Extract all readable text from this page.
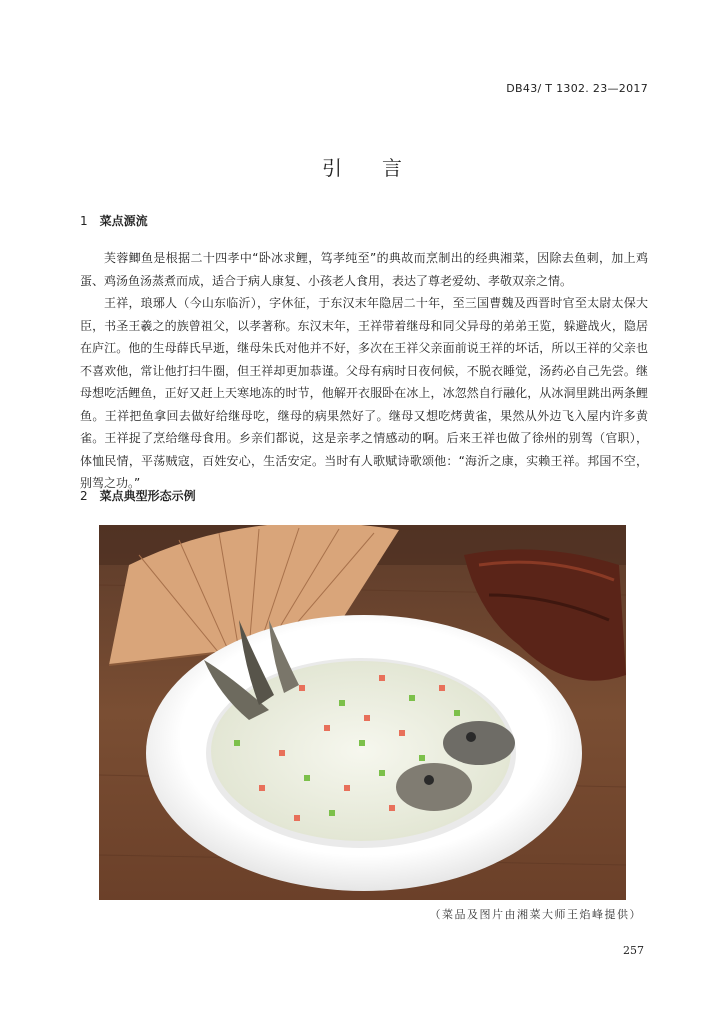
DB43/ T 1302. 23—2017
引言
1 菜点源流

芙蓉鲫鱼是根据二十四孝中“卧冰求鲤，笃孝纯至”的典故而烹制出的经典湘菜，因除去鱼刺，加上鸡蛋、鸡汤鱼汤蒸煮而成，适合于病人康复、小孩老人食用，表达了尊老爱幼、孝敬双亲之情。

王祥，琅琊人（今山东临沂），字休征，于东汉末年隐居二十年，至三国曹魏及西晋时官至太尉太保大臣，书圣王羲之的族曾祖父，以孝著称。东汉末年，王祥带着继母和同父异母的弟弟王览，躲避战火，隐居在庐江。他的生母薛氏早逝，继母朱氏对他并不好，多次在王祥父亲面前说王祥的坏话，所以王祥的父亲也不喜欢他，常让他打扫牛圈，但王祥却更加恭谨。父母有病时日夜伺候，不脱衣睡觉，汤药必自己先尝。继母想吃活鲤鱼，正好又赶上天寒地冻的时节，他解开衣服卧在冰上，冰忽然自行融化，从冰洞里跳出两条鲤鱼。王祥把鱼拿回去做好给继母吃，继母的病果然好了。继母又想吃烤黄雀，果然从外边飞入屋内许多黄雀。王祥捉了烹给继母食用。乡亲们都说，这是亲孝之情感动的啊。后来王祥也做了徐州的别驾（官职），体恤民情，平荡贼寇，百姓安心，生活安定。当时有人歌赋诗歌颂他：“海沂之康，实赖王祥。邦国不空，别驾之功。”

2 菜点典型形态示例
（菜品及图片由湘菜大师王焰峰提供）
257
